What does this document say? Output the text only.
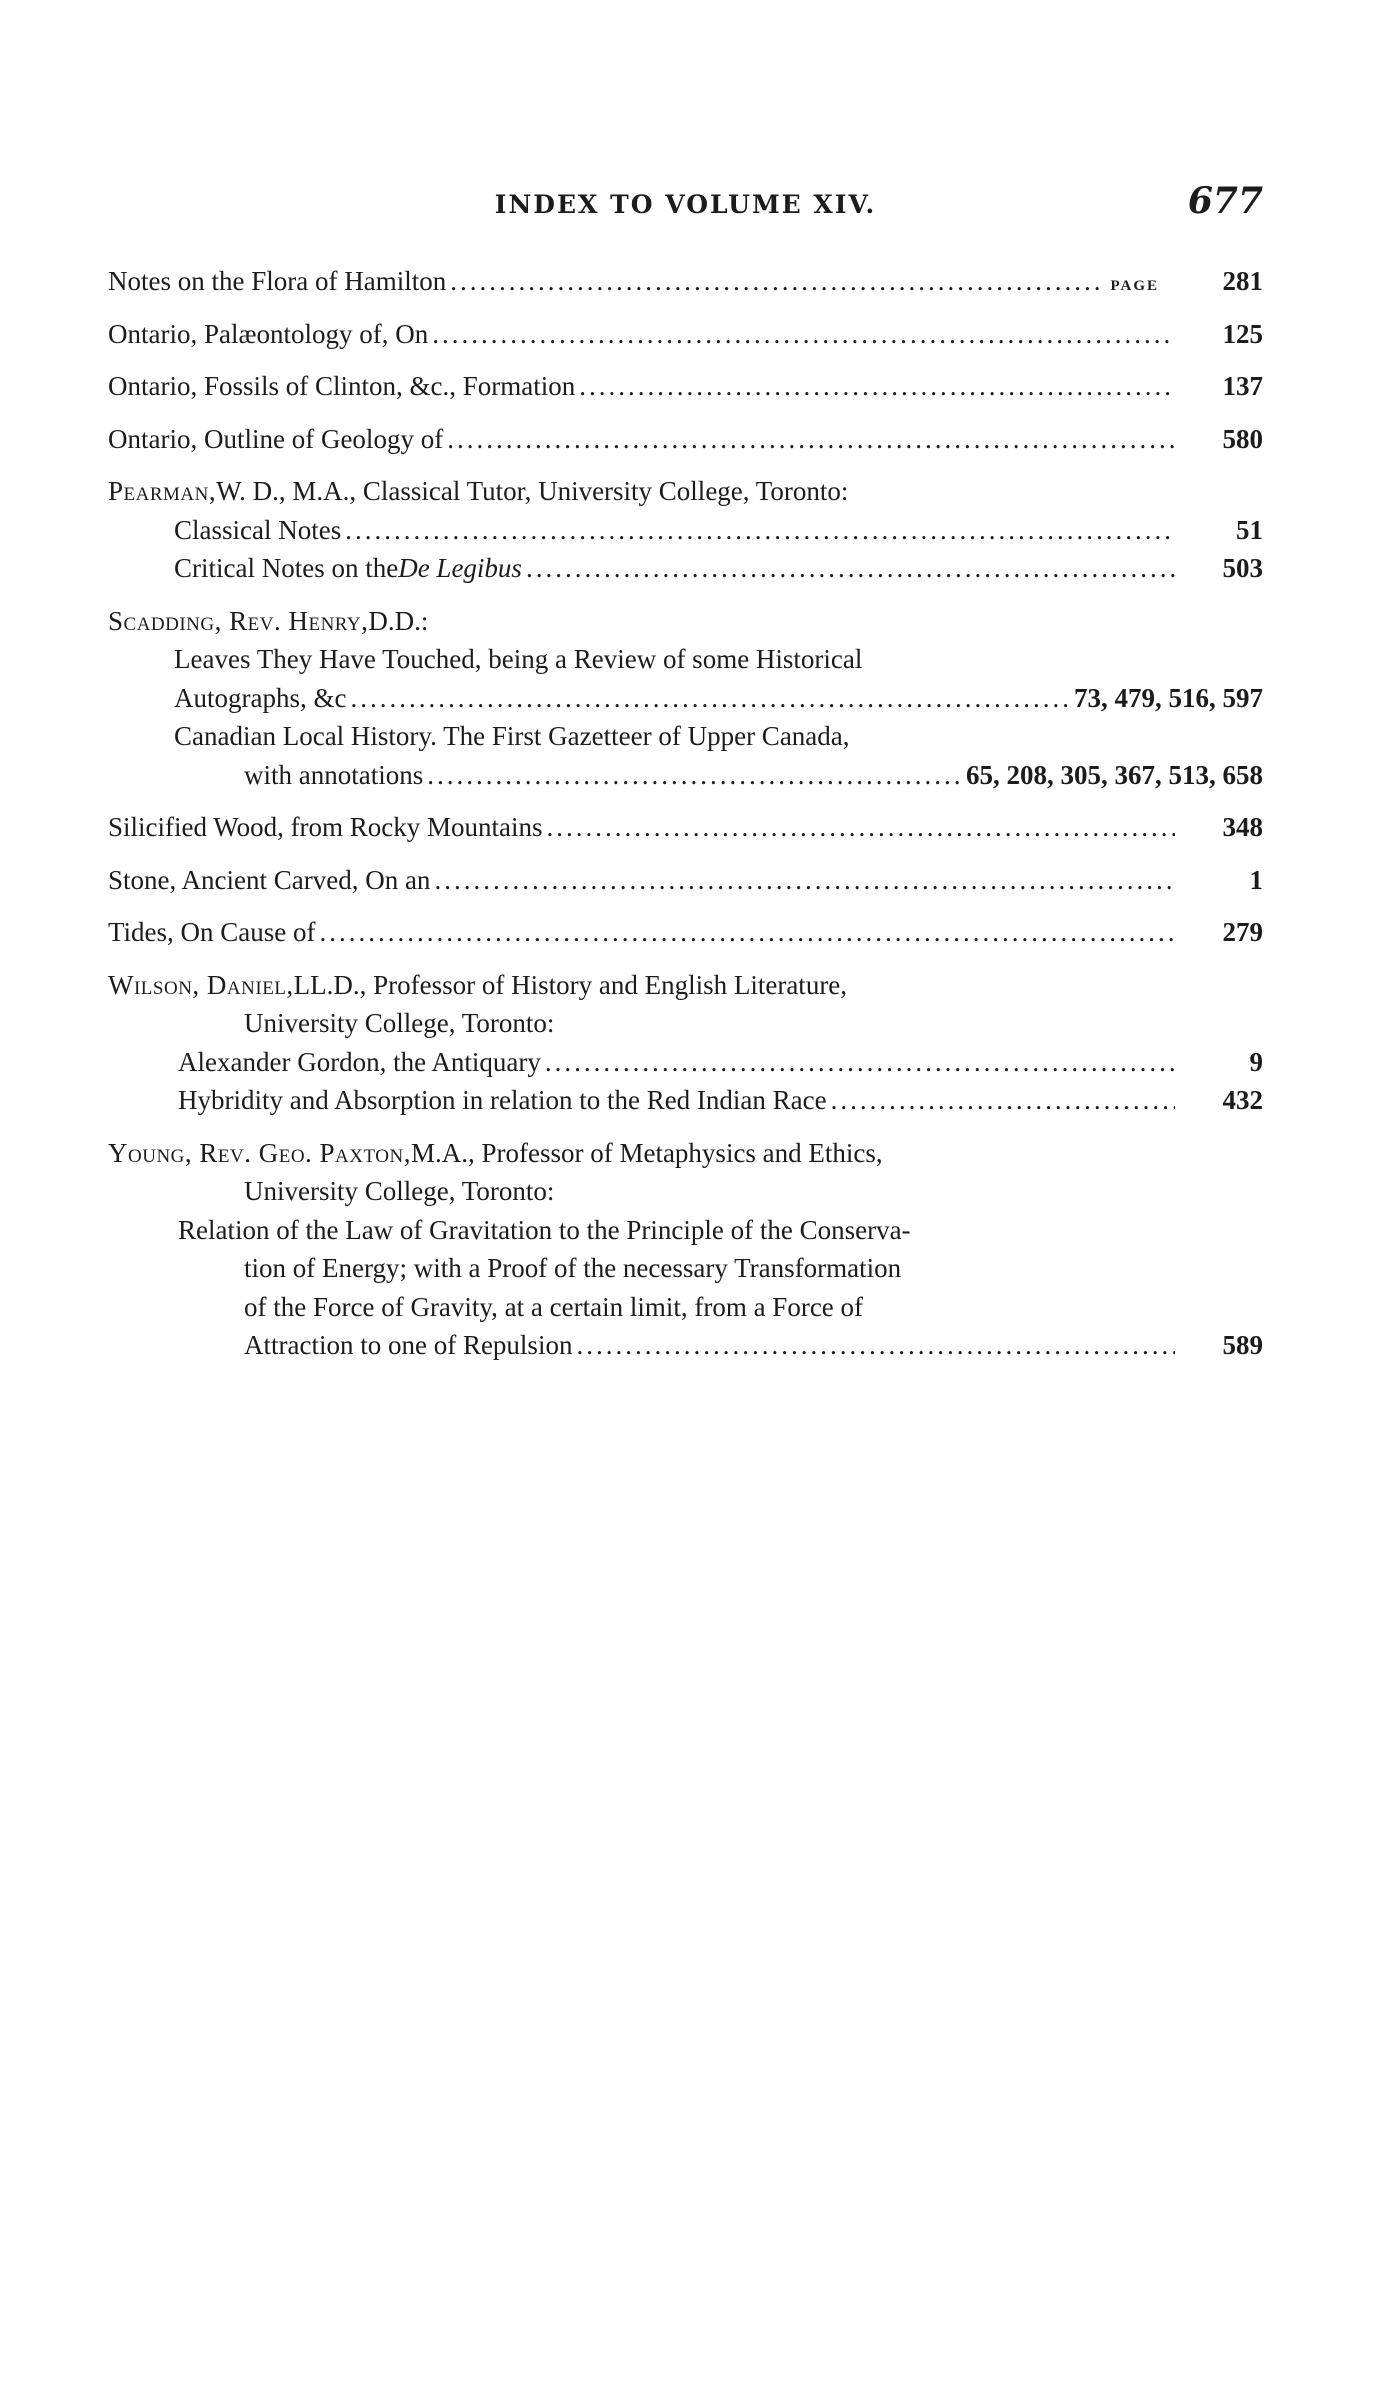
INDEX TO VOLUME XIV.	677
Notes on the Flora of Hamilton .....	PAGE	281
Ontario, Palæontology of, On .....	125
Ontario, Fossils of Clinton, &c., Formation .....	137
Ontario, Outline of Geology of .....	580
Pearman, W. D., M.A., Classical Tutor, University College, Toronto:
Classical Notes .....	51
Critical Notes on the De Legibus .....	503
Scadding, Rev. Henry, D.D.:
Leaves They Have Touched, being a Review of some Historical
Autographs, &c .....	73, 479, 516, 597
Canadian Local History. The First Gazetteer of Upper Canada,
with annotations .....	65, 208, 305, 367, 513, 658
Silicified Wood, from Rocky Mountains .....	348
Stone, Ancient Carved, On an .....	1
Tides, On Cause of .....	279
Wilson, Daniel, LL.D., Professor of History and English Literature,
University College, Toronto:
Alexander Gordon, the Antiquary .....	9
Hybridity and Absorption in relation to the Red Indian Race .....	432
Young, Rev. Geo. Paxton, M.A., Professor of Metaphysics and Ethics,
University College, Toronto:
Relation of the Law of Gravitation to the Principle of the Conserva-
tion of Energy; with a Proof of the necessary Transformation
of the Force of Gravity, at a certain limit, from a Force of
Attraction to one of Repulsion .....	589
